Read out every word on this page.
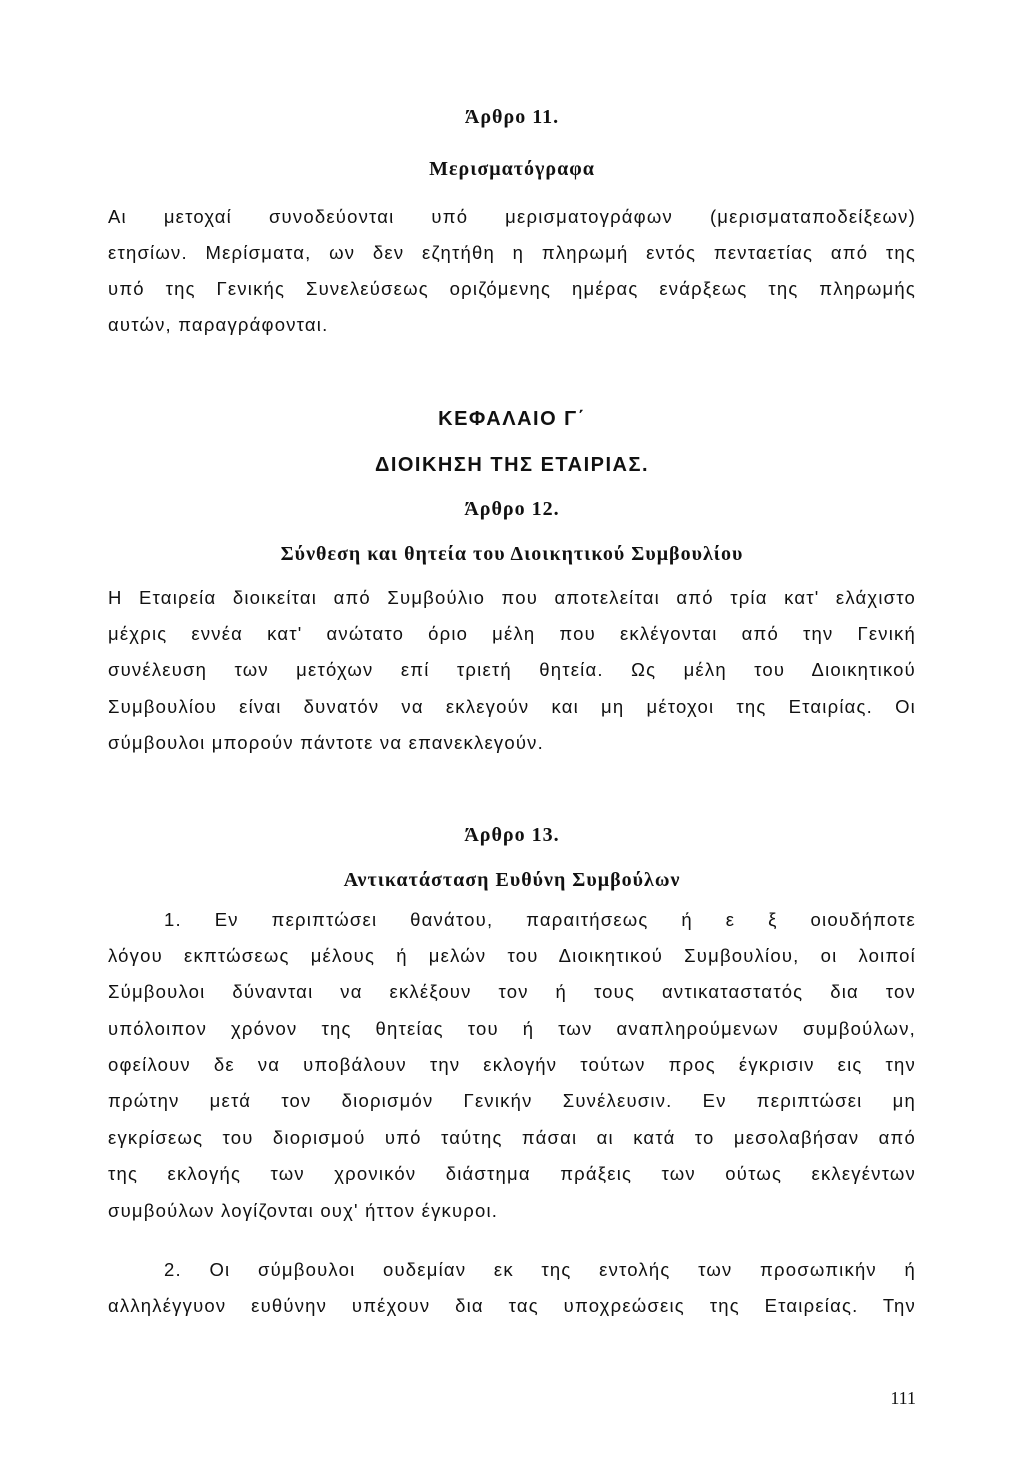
Άρθρο 11.
Μερισματόγραφα
Αι μετοχαί συνοδεύονται υπό μερισματογράφων (μερισματαποδείξεων)
ετησίων. Μερίσματα, ων δεν εζητήθη η πληρωμή εντός πενταετίας από της
υπό της Γενικής Συνελεύσεως οριζόμενης ημέρας ενάρξεως της πληρωμής
αυτών, παραγράφονται.
ΚΕΦΑΛΑΙΟ Γ΄
ΔΙΟΙΚΗΣΗ ΤΗΣ ΕΤΑΙΡΙΑΣ.
Άρθρο 12.
Σύνθεση και θητεία του Διοικητικού Συμβουλίου
Η Εταιρεία διοικείται από Συμβούλιο που αποτελείται από τρία κατ' ελάχιστο
μέχρις εννέα κατ' ανώτατο όριο μέλη που εκλέγονται από την Γενική
συνέλευση των μετόχων επί τριετή θητεία. Ως μέλη του Διοικητικού
Συμβουλίου είναι δυνατόν να εκλεγούν και μη μέτοχοι της Εταιρίας. Οι
σύμβουλοι μπορούν πάντοτε να επανεκλεγούν.
Άρθρο 13.
Αντικατάσταση Ευθύνη Συμβούλων
1. Εν περιπτώσει θανάτου, παραιτήσεως ή ε ξ οιουδήποτε
λόγου εκπτώσεως μέλους ή μελών του Διοικητικού Συμβουλίου, οι λοιποί
Σύμβουλοι δύνανται να εκλέξουν τον ή τους αντικαταστατός δια τον
υπόλοιπον χρόνον της θητείας του ή των αναπληρούμενων συμβούλων,
οφείλουν δε να υποβάλουν την εκλογήν τούτων προς έγκρισιν εις την
πρώτην μετά τον διορισμόν Γενικήν Συνέλευσιν. Εν περιπτώσει μη
εγκρίσεως του διορισμού υπό ταύτης πάσαι αι κατά το μεσολαβήσαν από
της εκλογής των χρονικόν διάστημα πράξεις των ούτως εκλεγέντων
συμβούλων λογίζονται ουχ' ήττον έγκυροι.
2. Οι σύμβουλοι ουδεμίαν εκ της εντολής των προσωπικήν ή
αλληλέγγυον ευθύνην υπέχουν δια τας υποχρεώσεις της Εταιρείας. Την
111
